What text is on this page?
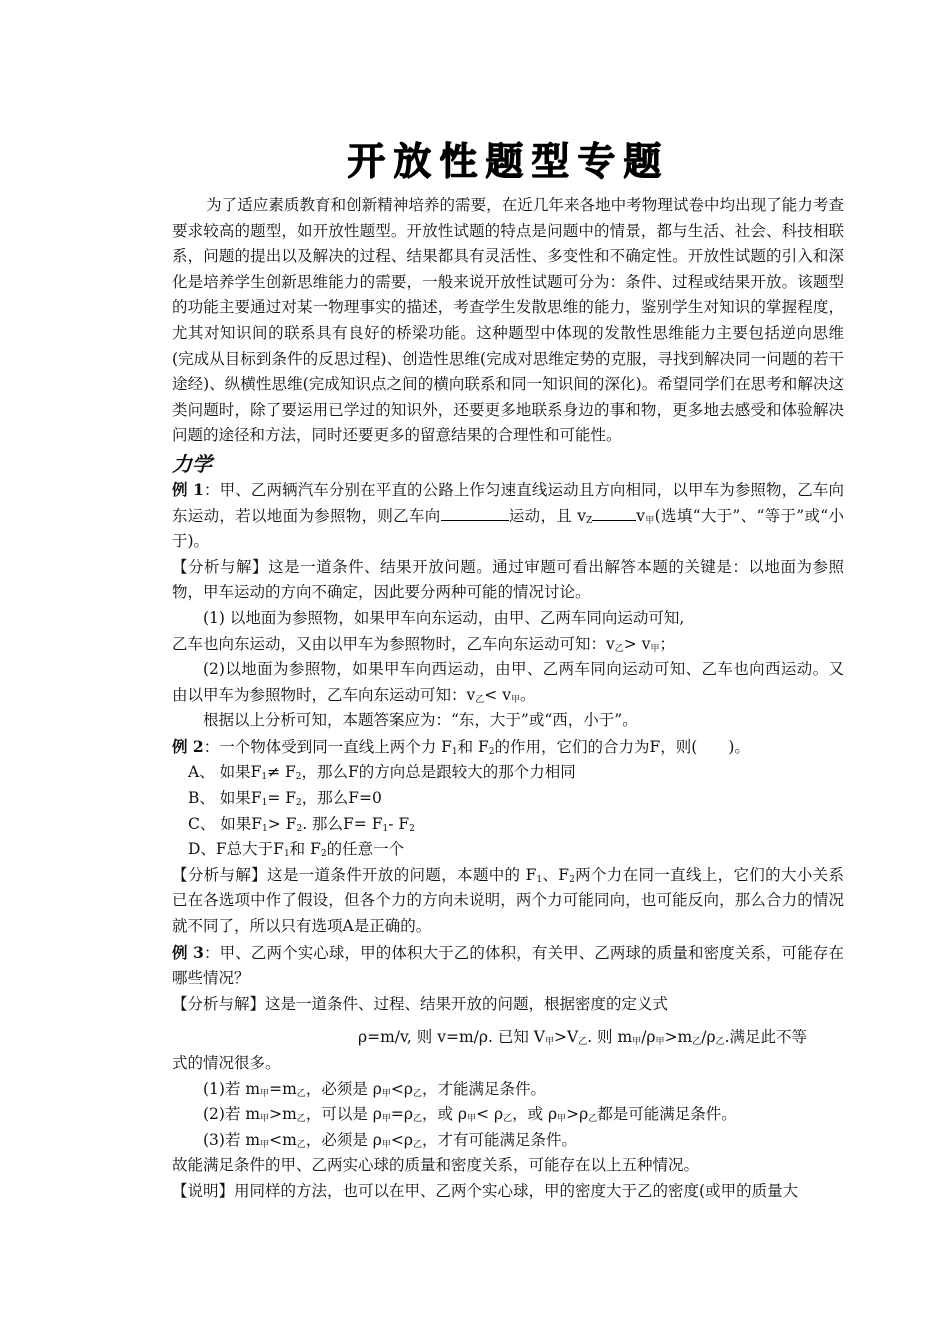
开放性题型专题

为了适应素质教育和创新精神培养的需要，在近几年来各地中考物理试卷中均出现了能力考查要求较高的题型，如开放性题型。开放性试题的特点是问题中的情景，都与生活、社会、科技相联系，问题的提出以及解决的过程、结果都具有灵活性、多变性和不确定性。开放性试题的引入和深化是培养学生创新思维能力的需要，一般来说开放性试题可分为：条件、过程或结果开放。该题型的功能主要通过对某一物理事实的描述，考查学生发散思维的能力，鉴别学生对知识的掌握程度，尤其对知识间的联系具有良好的桥梁功能。这种题型中体现的发散性思维能力主要包括逆向思维(完成从目标到条件的反思过程)、创造性思维(完成对思维定势的克服，寻找到解决同一问题的若干途经)、纵横性思维(完成知识点之间的横向联系和同一知识间的深化)。希望同学们在思考和解决这类问题时，除了要运用已学过的知识外，还要更多地联系身边的事和物，更多地去感受和体验解决问题的途径和方法，同时还要更多的留意结果的合理性和可能性。

力学

例 1：甲、乙两辆汽车分别在平直的公路上作匀速直线运动且方向相同，以甲车为参照物，乙车向东运动，若以地面为参照物，则乙车向	运动，且 $v_Z$	$v_甲$(选填“大于”、“等于”或“小于)。

【分析与解】这是一道条件、结果开放问题。通过审题可看出解答本题的关键是：以地面为参照物，甲车运动的方向不确定，因此要分两种可能的情况讨论。

(1) 以地面为参照物，如果甲车向东运动，由甲、乙两车同向运动可知,

乙车也向东运动，又由以甲车为参照物时，乙车向东运动可知：$v_乙> v_甲$；

(2)以地面为参照物，如果甲车向西运动，由甲、乙两车同向运动可知、乙车也向西运动。又由以甲车为参照物时，乙车向东运动可知：$v_乙< v_甲$。

根据以上分析可知，本题答案应为：“东，大于”或“西，小于”。

例 2：一个物体受到同一直线上两个力 $F_1$和 $F_2$的作用，它们的合力为F，则(　　)。

A、 如果$F_1\ne F_2$，那么F的方向总是跟较大的那个力相同

B、 如果$F_1= F_2$，那么F=0

C、 如果$F_1> F_2$. 那么$F= F_1-$ $F_2$

D、F总大于$F_1$和 $F_2$的任意一个

【分析与解】这是一道条件开放的问题，本题中的 $F_1$、$F_2$两个力在同一直线上，它们的大小关系已在各选项中作了假设，但各个力的方向未说明，两个力可能同向，也可能反向，那么合力的情况就不同了，所以只有选项A是正确的。

例 3：甲、乙两个实心球，甲的体积大于乙的体积，有关甲、乙两球的质量和密度关系，可能存在哪些情况？

【分析与解】这是一道条件、过程、结果开放的问题，根据密度的定义式

ρ=m/v, 则 v=m/ρ. 已知 $V_甲>V_乙$. 则 $m_甲/\rho_甲>m_乙/\rho_乙$.满足此不等

式的情况很多。

(1)若 $m_甲=m_乙$，必须是 $\rho_甲<\rho_乙$，才能满足条件。

(2)若 $m_甲>m_乙$，可以是 $\rho_甲=\rho_乙$，或 $\rho_甲< \rho_乙$，或 $\rho_甲>\rho_乙$都是可能满足条件。

(3)若 $m_甲<m_乙$，必须是 $\rho_甲<\rho_乙$，才有可能满足条件。

故能满足条件的甲、乙两实心球的质量和密度关系，可能存在以上五种情况。

【说明】用同样的方法，也可以在甲、乙两个实心球，甲的密度大于乙的密度(或甲的质量大
